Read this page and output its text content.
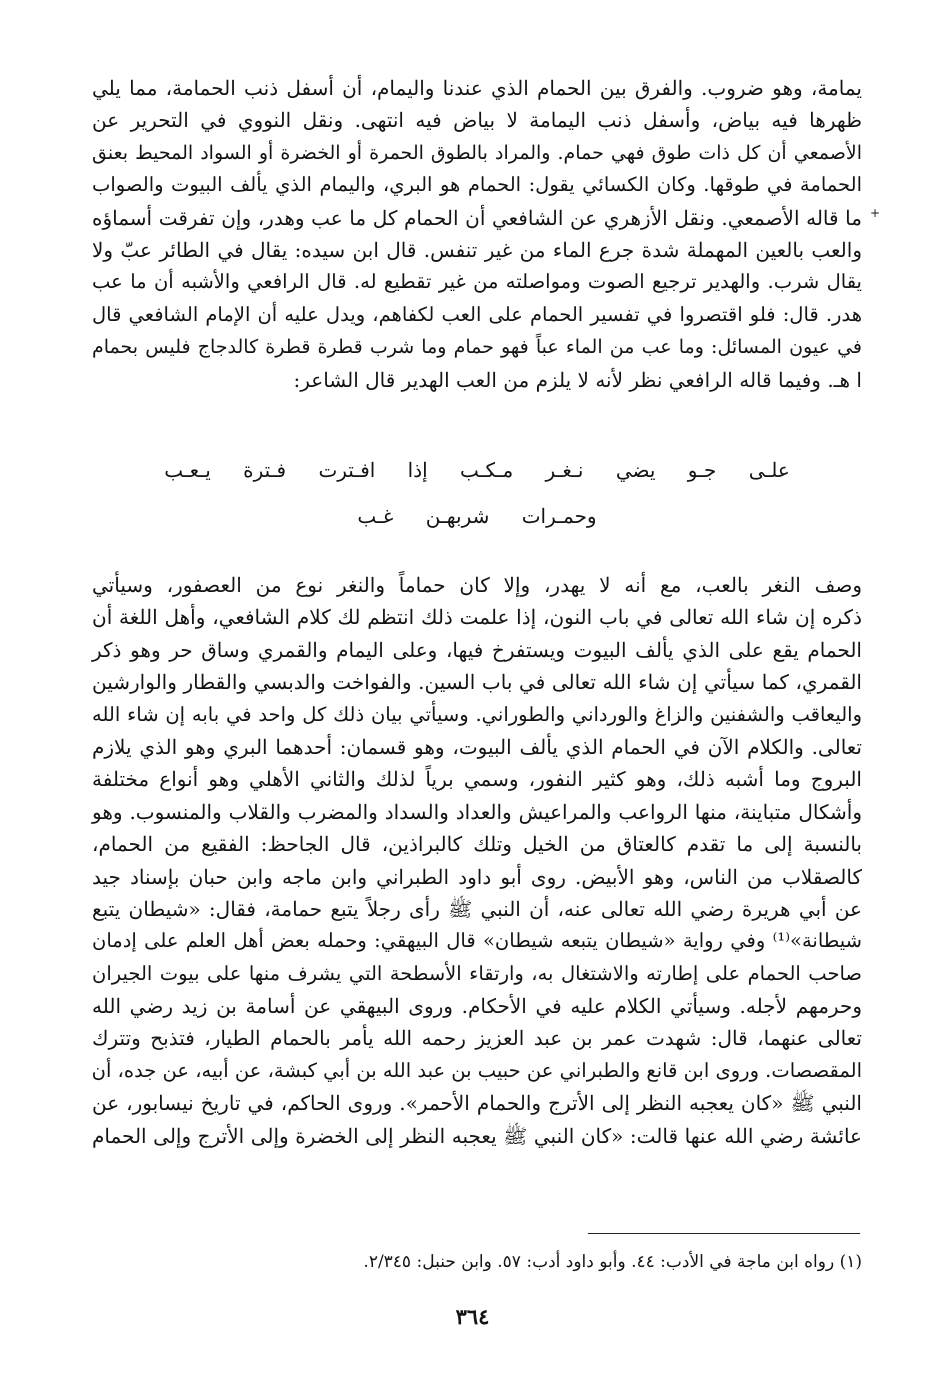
يمامة، وهو ضروب. والفرق بين الحمام الذي عندنا واليمام، أن أسفل ذنب الحمامة، مما يلي
ظهرها فيه بياض، وأسفل ذنب اليمامة لا بياض فيه انتهى. ونقل النووي في التحرير عن
الأصمعي أن كل ذات طوق فهي حمام. والمراد بالطوق الحمرة أو الخضرة أو السواد المحيط بعنق
الحمامة في طوقها. وكان الكسائي يقول: الحمام هو البري، واليمام الذي يألف البيوت والصواب
ما قاله الأصمعي. ونقل الأزهري عن الشافعي أن الحمام كل ما عب وهدر، وإن تفرقت أسماؤه
والعب بالعين المهملة شدة جرع الماء من غير تنفس. قال ابن سيده: يقال في الطائر عبّ ولا
يقال شرب. والهدير ترجيع الصوت ومواصلته من غير تقطيع له. قال الرافعي والأشبه أن ما عب
هدر. قال: فلو اقتصروا في تفسير الحمام على العب لكفاهم، ويدل عليه أن الإمام الشافعي قال
في عيون المسائل: وما عب من الماء عباً فهو حمام وما شرب قطرة قطرة كالدجاج فليس بحمام
ا هـ. وفيما قاله الرافعي نظر لأنه لا يلزم من العب الهدير قال الشاعر:
+
علـى جـو يضي نـغـر مـكـب إذا افـترت فـترة يـعـب
وحمـرات شربهـن غـب
وصف النغر بالعب، مع أنه لا يهدر، وإلا كان حماماً والنغر نوع من العصفور، وسيأتي
ذكره إن شاء الله تعالى في باب النون، إذا علمت ذلك انتظم لك كلام الشافعي، وأهل اللغة أن
الحمام يقع على الذي يألف البيوت ويستفرخ فيها، وعلى اليمام والقمري وساق حر وهو ذكر
القمري، كما سيأتي إن شاء الله تعالى في باب السين. والفواخت والدبسي والقطار والوارشين
واليعاقب والشفنين والزاغ والورداني والطوراني. وسيأتي بيان ذلك كل واحد في بابه إن شاء الله
تعالى. والكلام الآن في الحمام الذي يألف البيوت، وهو قسمان: أحدهما البري وهو الذي يلازم
البروج وما أشبه ذلك، وهو كثير النفور، وسمي برياً لذلك والثاني الأهلي وهو أنواع مختلفة
وأشكال متباينة، منها الرواعب والمراعيش والعداد والسداد والمضرب والقلاب والمنسوب. وهو
بالنسبة إلى ما تقدم كالعتاق من الخيل وتلك كالبراذين، قال الجاحظ: الفقيع من الحمام،
كالصقلاب من الناس، وهو الأبيض. روى أبو داود الطبراني وابن ماجه وابن حبان بإسناد جيد
عن أبي هريرة رضي الله تعالى عنه، أن النبي ﷺ رأى رجلاً يتبع حمامة، فقال: «شيطان يتبع
شيطانة»⁽¹⁾ وفي رواية «شيطان يتبعه شيطان» قال البيهقي: وحمله بعض أهل العلم على إدمان
صاحب الحمام على إطارته والاشتغال به، وارتقاء الأسطحة التي يشرف منها على بيوت الجيران
وحرمهم لأجله. وسيأتي الكلام عليه في الأحكام. وروى البيهقي عن أسامة بن زيد رضي الله
تعالى عنهما، قال: شهدت عمر بن عبد العزيز رحمه الله يأمر بالحمام الطيار، فتذبح وتترك
المقصصات. وروى ابن قانع والطبراني عن حبيب بن عبد الله بن أبي كبشة، عن أبيه، عن جده، أن
النبي ﷺ «كان يعجبه النظر إلى الأترج والحمام الأحمر». وروى الحاكم، في تاريخ نيسابور، عن
عائشة رضي الله عنها قالت: «كان النبي ﷺ يعجبه النظر إلى الخضرة وإلى الأترج وإلى الحمام
(١) رواه ابن ماجة في الأدب: ٤٤. وأبو داود أدب: ٥٧. وابن حنبل: ٢/٣٤٥.
٣٦٤
